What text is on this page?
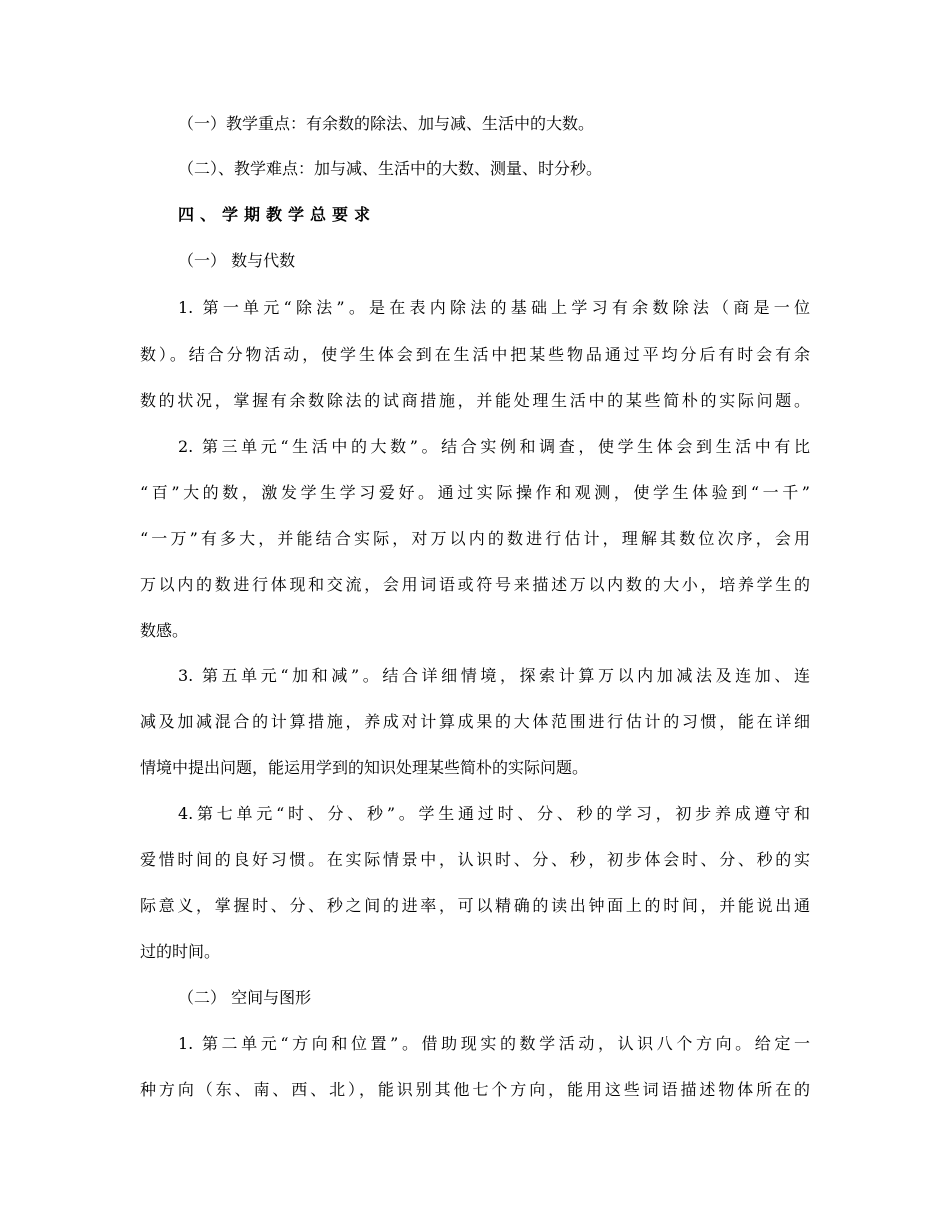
（一）教学重点：有余数的除法、加与减、生活中的大数。
（二）、教学难点：加与减、生活中的大数、测量、时分秒。
四、学期教学总要求
（一） 数与代数
1. 第一单元“除法”。是在表内除法的基础上学习有余数除法（商是一位
数）。结合分物活动，使学生体会到在生活中把某些物品通过平均分后有时会有余
数的状况，掌握有余数除法的试商措施，并能处理生活中的某些简朴的实际问题。
2. 第三单元“生活中的大数”。结合实例和调查，使学生体会到生活中有比
“百”大的数，激发学生学习爱好。通过实际操作和观测，使学生体验到“一千”
“一万”有多大，并能结合实际，对万以内的数进行估计，理解其数位次序，会用
万以内的数进行体现和交流，会用词语或符号来描述万以内数的大小，培养学生的
数感。
3. 第五单元“加和减”。结合详细情境，探索计算万以内加减法及连加、连
减及加减混合的计算措施，养成对计算成果的大体范围进行估计的习惯，能在详细
情境中提出问题，能运用学到的知识处理某些简朴的实际问题。
4.第七单元“时、分、秒”。学生通过时、分、秒的学习，初步养成遵守和
爱惜时间的良好习惯。在实际情景中，认识时、分、秒，初步体会时、分、秒的实
际意义，掌握时、分、秒之间的进率，可以精确的读出钟面上的时间，并能说出通
过的时间。
（二） 空间与图形
1. 第二单元“方向和位置”。借助现实的数学活动，认识八个方向。给定一
种方向（东、南、西、北），能识别其他七个方向，能用这些词语描述物体所在的
